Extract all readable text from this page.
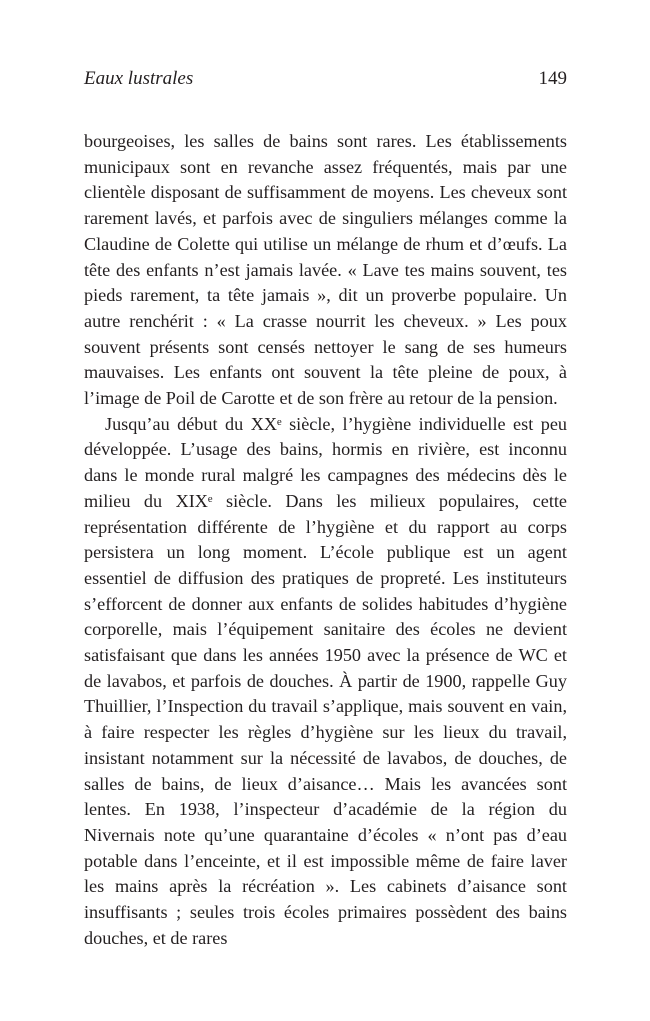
Eaux lustrales	149

bourgeoises, les salles de bains sont rares. Les établissements municipaux sont en revanche assez fréquentés, mais par une clientèle disposant de suffisamment de moyens. Les cheveux sont rarement lavés, et parfois avec de singuliers mélanges comme la Claudine de Colette qui utilise un mélange de rhum et d’œufs. La tête des enfants n’est jamais lavée. « Lave tes mains souvent, tes pieds rarement, ta tête jamais », dit un proverbe populaire. Un autre renchérit : « La crasse nourrit les cheveux. » Les poux souvent présents sont censés nettoyer le sang de ses humeurs mauvaises. Les enfants ont souvent la tête pleine de poux, à l’image de Poil de Carotte et de son frère au retour de la pension.

Jusqu’au début du XXᵉ siècle, l’hygiène individuelle est peu développée. L’usage des bains, hormis en rivière, est inconnu dans le monde rural malgré les campagnes des médecins dès le milieu du XIXᵉ siècle. Dans les milieux populaires, cette représentation différente de l’hygiène et du rapport au corps persistera un long moment. L’école publique est un agent essentiel de diffusion des pratiques de propreté. Les instituteurs s’efforcent de donner aux enfants de solides habitudes d’hygiène corporelle, mais l’équipement sanitaire des écoles ne devient satisfaisant que dans les années 1950 avec la présence de WC et de lavabos, et parfois de douches. À partir de 1900, rappelle Guy Thuillier, l’Inspection du travail s’applique, mais souvent en vain, à faire respecter les règles d’hygiène sur les lieux du travail, insistant notamment sur la nécessité de lavabos, de douches, de salles de bains, de lieux d’aisance… Mais les avancées sont lentes. En 1938, l’inspecteur d’académie de la région du Nivernais note qu’une quarantaine d’écoles « n’ont pas d’eau potable dans l’enceinte, et il est impossible même de faire laver les mains après la récréation ». Les cabinets d’aisance sont insuffisants ; seules trois écoles primaires possèdent des bains douches, et de rares
